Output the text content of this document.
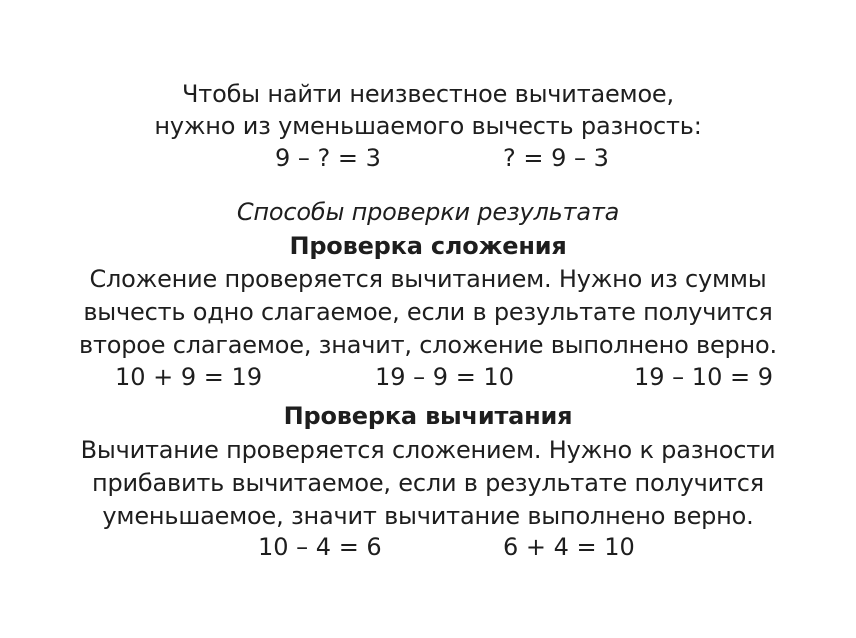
Чтобы найти неизвестное вычитаемое,
нужно из уменьшаемого вычесть разность:
9 – ? = 3	? = 9 – 3
Способы проверки результата
Проверка сложения
Сложение проверяется вычитанием. Нужно из суммы
вычесть одно слагаемое, если в результате получится
второе слагаемое, значит, сложение выполнено верно.
10 + 9 = 19	19 – 9 = 10	19 – 10 = 9
Проверка вычитания
Вычитание проверяется сложением. Нужно к разности
прибавить вычитаемое, если в результате получится
уменьшаемое, значит вычитание выполнено верно.
10 – 4 = 6	6 + 4 = 10
